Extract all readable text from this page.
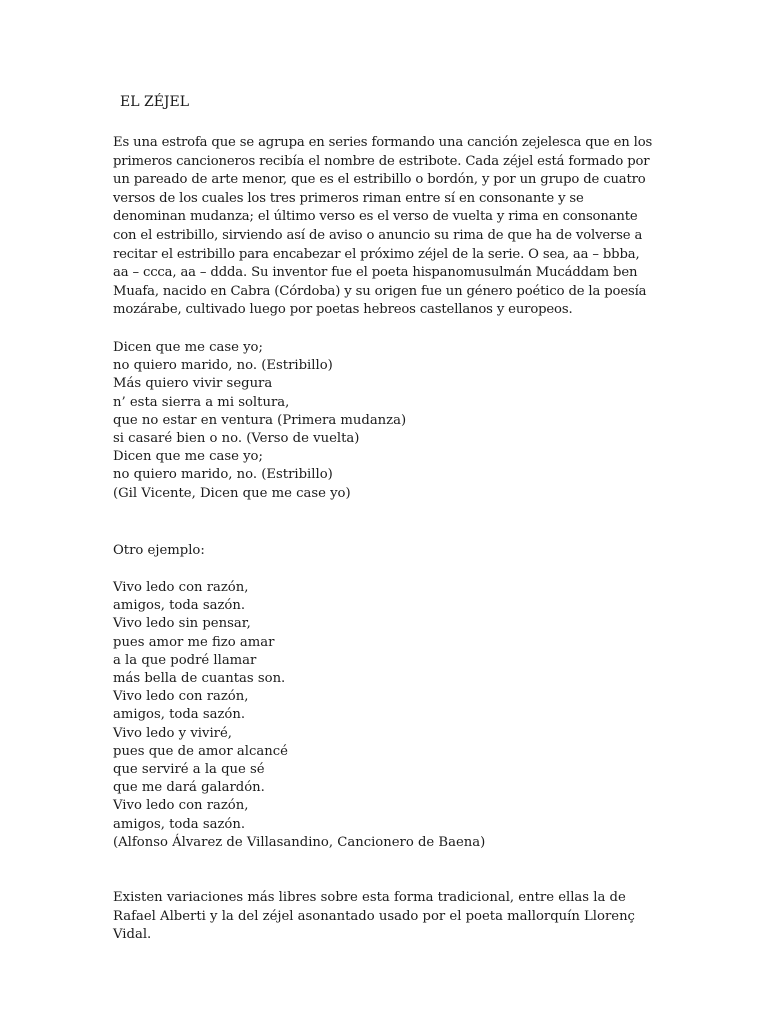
EL ZÉJEL

Es una estrofa que se agrupa en series formando una canción zejelesca que en los primeros cancioneros recibía el nombre de estribote. Cada zéjel está formado por un pareado de arte menor, que es el estribillo o bordón, y por un grupo de cuatro versos de los cuales los tres primeros riman entre sí en consonante y se denominan mudanza; el último verso es el verso de vuelta y rima en consonante con el estribillo, sirviendo así de aviso o anuncio su rima de que ha de volverse a recitar el estribillo para encabezar el próximo zéjel de la serie. O sea, aa – bbba, aa – ccca, aa – ddda. Su inventor fue el poeta hispanomusulmán Mucáddam ben Muafa, nacido en Cabra (Córdoba) y su origen fue un género poético de la poesía mozárabe, cultivado luego por poetas hebreos castellanos y europeos.

Dicen que me case yo;
no quiero marido, no. (Estribillo)
Más quiero vivir segura
n’ esta sierra a mi soltura,
que no estar en ventura (Primera mudanza)
si casaré bien o no. (Verso de vuelta)
Dicen que me case yo;
no quiero marido, no. (Estribillo)
(Gil Vicente, Dicen que me case yo)
Otro ejemplo:
Vivo ledo con razón,
amigos, toda sazón.
Vivo ledo sin pensar,
pues amor me fizo amar
a la que podré llamar
más bella de cuantas son.
Vivo ledo con razón,
amigos, toda sazón.
Vivo ledo y viviré,
pues que de amor alcancé
que serviré a la que sé
que me dará galardón.
Vivo ledo con razón,
amigos, toda sazón.
(Alfonso Álvarez de Villasandino, Cancionero de Baena)

Existen variaciones más libres sobre esta forma tradicional, entre ellas la de Rafael Alberti y la del zéjel asonantado usado por el poeta mallorquín Llorenç Vidal.
